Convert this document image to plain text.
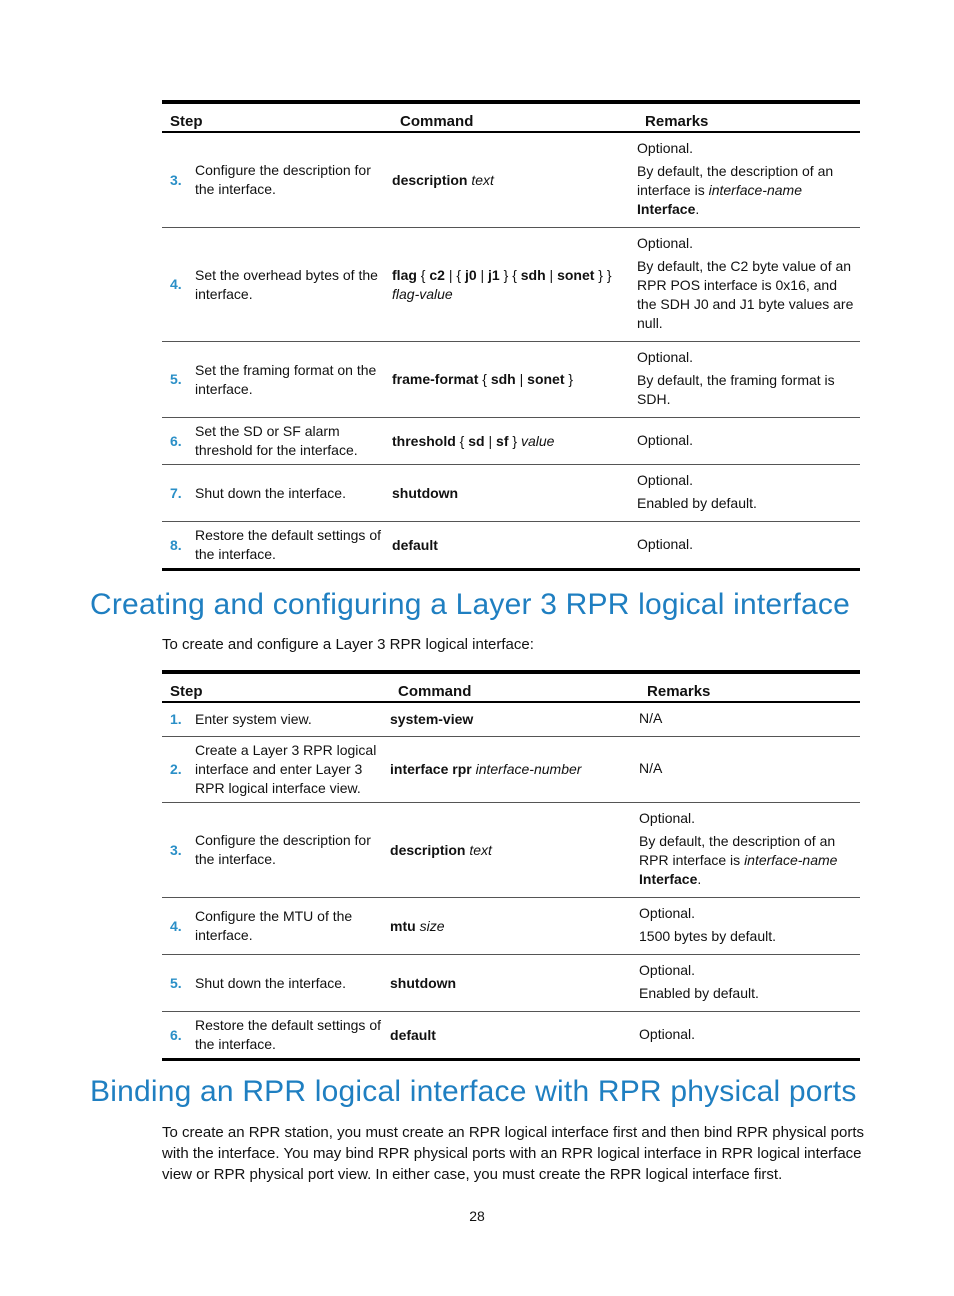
Step		Command	Remarks
3.	Configure the description for the interface.	description text	Optional.

By default, the description of an interface is interface-name Interface.

4.	Set the overhead bytes of the interface.	flag { c2 | { j0 | j1 } { sdh | sonet } } flag-value	Optional.

By default, the C2 byte value of an RPR POS interface is 0x16, and the SDH J0 and J1 byte values are null.

5.	Set the framing format on the interface.	frame-format { sdh | sonet }	Optional.

By default, the framing format is SDH.

6.	Set the SD or SF alarm threshold for the interface.	threshold { sd | sf } value	Optional.

7.	Shut down the interface.	shutdown	Optional.

Enabled by default.

8.	Restore the default settings of the interface.	default	Optional.

Creating and configuring a Layer 3 RPR logical interface

To create and configure a Layer 3 RPR logical interface:

Step		Command	Remarks
1.	Enter system view.	system-view	N/A

2.	Create a Layer 3 RPR logical interface and enter Layer 3 RPR logical interface view.	interface rpr interface-number	N/A

3.	Configure the description for the interface.	description text	Optional.

By default, the description of an RPR interface is interface-name Interface.

4.	Configure the MTU of the interface.	mtu size	Optional.

1500 bytes by default.

5.	Shut down the interface.	shutdown	Optional.

Enabled by default.

6.	Restore the default settings of the interface.	default	Optional.

Binding an RPR logical interface with RPR physical ports

To create an RPR station, you must create an RPR logical interface first and then bind RPR physical ports with the interface. You may bind RPR physical ports with an RPR logical interface in RPR logical interface view or RPR physical port view. In either case, you must create the RPR logical interface first.

28
